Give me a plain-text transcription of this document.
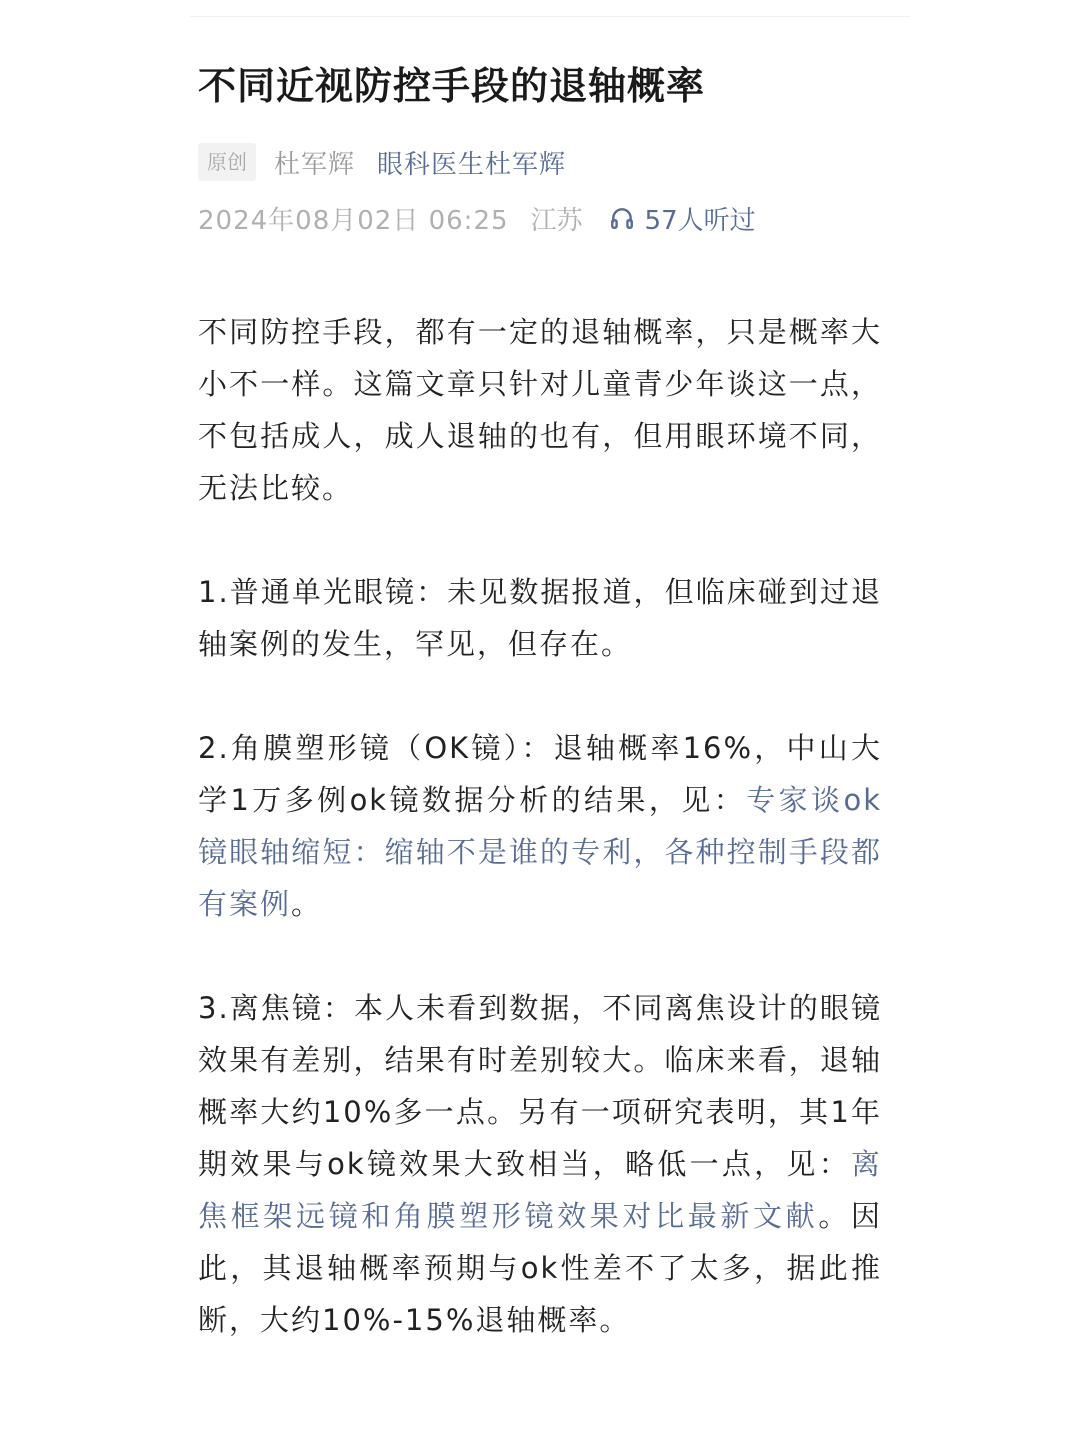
不同近视防控手段的退轴概率
原创	杜军辉 眼科医生杜军辉
2024年08月02日 06:25 江苏 57人听过

不同防控手段，都有一定的退轴概率，只是概率大小不一样。这篇文章只针对儿童青少年谈这一点，不包括成人，成人退轴的也有，但用眼环境不同，无法比较。

1.普通单光眼镜：未见数据报道，但临床碰到过退轴案例的发生，罕见，但存在。

2.角膜塑形镜（OK镜）：退轴概率16%，中山大学1万多例ok镜数据分析的结果，见：专家谈ok镜眼轴缩短：缩轴不是谁的专利，各种控制手段都有案例。

3.离焦镜：本人未看到数据，不同离焦设计的眼镜效果有差别，结果有时差别较大。临床来看，退轴概率大约10%多一点。另有一项研究表明，其1年期效果与ok镜效果大致相当，略低一点，见：离焦框架远镜和角膜塑形镜效果对比最新文献。因此，其退轴概率预期与ok性差不了太多，据此推断，大约10%-15%退轴概率。
